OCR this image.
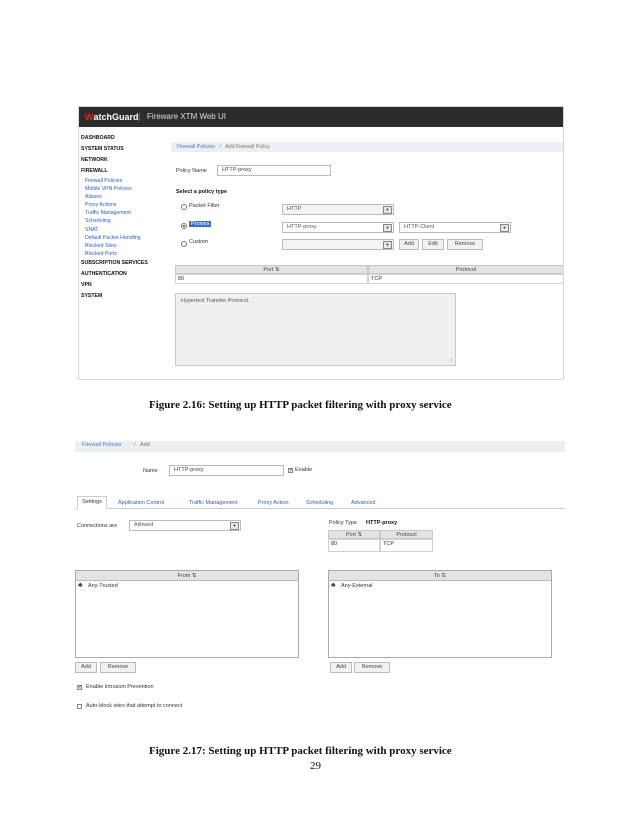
WatchGuard | Fireware XTM Web UI
DASHBOARD
SYSTEM STATUS
NETWORK
FIREWALL
Firewall Policies
Mobile VPN Policies
Aliases
Proxy Actions
Traffic Management
Scheduling
SNAT
Default Packet Handling
Blocked Sites
Blocked Ports
SUBSCRIPTION SERVICES
AUTHENTICATION
VPN
SYSTEM
Firewall Policies / Add Firewall Policy
Policy Name	HTTP-proxy
Select a policy type
Packet Filter	HTTP	▼
Proxies	HTTP-proxy	▼	HTTP-Client	▼
Custom	▼	Add	Edit	Remove
Port ⇅	Protocol
80	TCP
Hypertext Transfer Protocol.
.:l
Figure 2.16: Setting up HTTP packet filtering with proxy service
Firewall Policies / Add
Name	HTTP-proxy
✓	Enable
Settings	Application Control	Traffic Management	Proxy Action	Scheduling	Advanced
Connections are	Allowed	▼	Policy Type HTTP-proxy
Port ⇅	Protocol
80	TCP
From ⇅
♣ Any-Trusted
Add	Remove
To ⇅
♣ Any-External
Add	Remove
✓
Enable Intrusion Prevention
Auto-block sites that attempt to connect
Figure 2.17: Setting up HTTP packet filtering with proxy service
29
